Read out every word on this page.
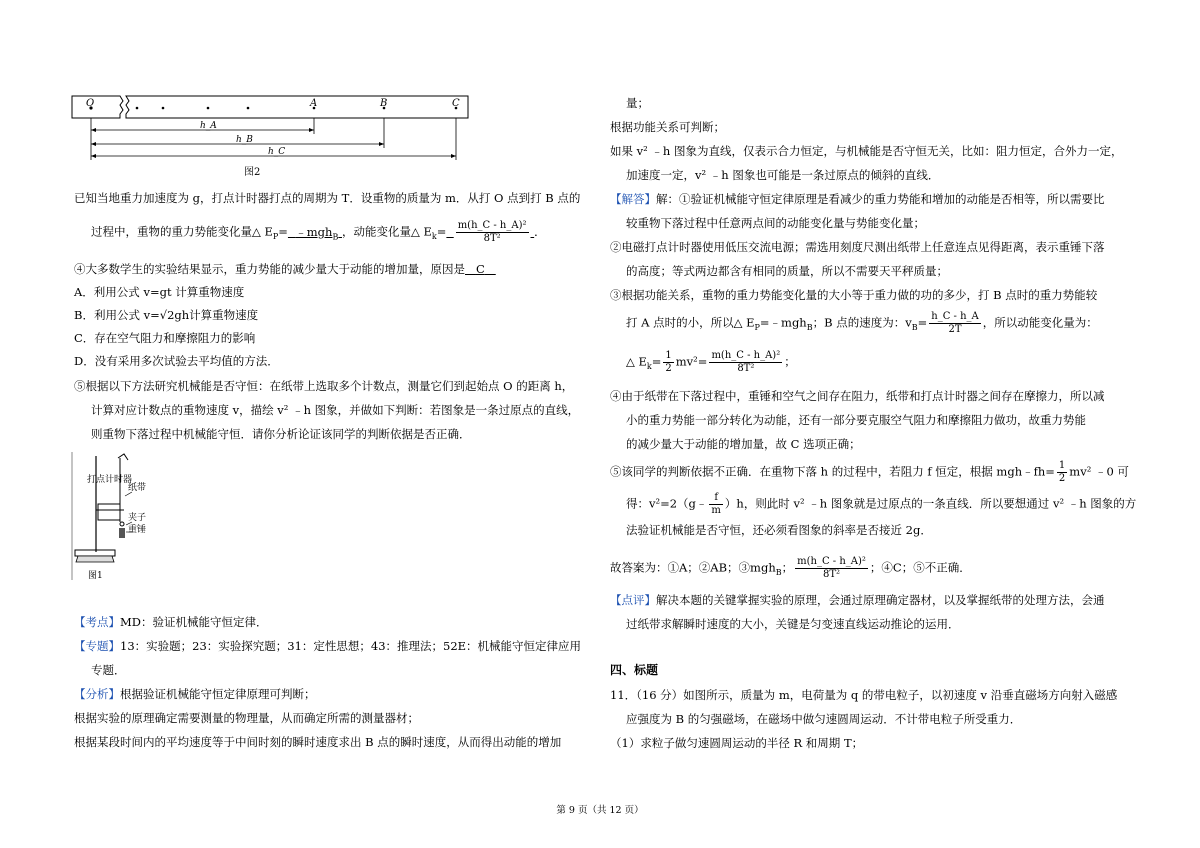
O	A	B	C
h_A
h_B
h_C
图2
已知当地重力加速度为 g，打点计时器打点的周期为 T．设重物的质量为 m．从打 O 点到打 B 点的
过程中，重物的重力势能变化量△ $E_P=$ ﹣mgh$_B$ ，动能变化量△ $E_k= \frac{\text{m(h\_C - h\_A)²}}{\text{8T²}}$ ．
④大多数学生的实验结果显示，重力势能的减少量大于动能的增加量，原因是 C
A．利用公式 v=gt 计算重物速度
B．利用公式 v=√2gh计算重物速度
C．存在空气阻力和摩擦阻力的影响
D．没有采用多次试验去平均值的方法．
⑤根据以下方法研究机械能是否守恒：在纸带上选取多个计数点，测量它们到起始点 O 的距离 h，
计算对应计数点的重物速度 v，描绘 v² ﹣h 图象，并做如下判断：若图象是一条过原点的直线，
则重物下落过程中机械能守恒．请你分析论证该同学的判断依据是否正确．
打点计时器
纸带
夹子
重锤
图1
【考点】MD：验证机械能守恒定律．
【专题】13：实验题；23：实验探究题；31：定性思想；43：推理法；52E：机械能守恒定律应用
专题．
【分析】根据验证机械能守恒定律原理可判断；
根据实验的原理确定需要测量的物理量，从而确定所需的测量器材；
根据某段时间内的平均速度等于中间时刻的瞬时速度求出 B 点的瞬时速度，从而得出动能的增加
量；
根据功能关系可判断；
如果 v² ﹣h 图象为直线，仅表示合力恒定，与机械能是否守恒无关，比如：阻力恒定，合外力一定，
加速度一定，v² ﹣h 图象也可能是一条过原点的倾斜的直线．
【解答】解：①验证机械能守恒定律原理是看减少的重力势能和增加的动能是否相等，所以需要比
较重物下落过程中任意两点间的动能变化量与势能变化量；
②电磁打点计时器使用低压交流电源；需选用刻度尺测出纸带上任意连点见得距离，表示重锤下落
的高度；等式两边都含有相同的质量，所以不需要天平秤质量；
③根据功能关系，重物的重力势能变化量的大小等于重力做的功的多少，打 B 点时的重力势能较
打 A 点时的小，所以△ $E_P=﹣mgh_B$；B 点的速度为：$v_B= \frac{h\_C - h\_A}{2T}$ ，所以动能变化量为：
△ $E_k= \frac{1}{2} mv^2= \frac{\text{m(h\_C - h\_A)²}}{\text{8T²}}$ ；
④由于纸带在下落过程中，重锤和空气之间存在阻力，纸带和打点计时器之间存在摩擦力，所以减
小的重力势能一部分转化为动能，还有一部分要克服空气阻力和摩擦阻力做功，故重力势能
的减少量大于动能的增加量，故 C 选项正确；
⑤该同学的判断依据不正确．在重物下落 h 的过程中，若阻力 f 恒定，根据 mgh﹣fh= $\frac{1}{2} mv^2$ ﹣0 可
得：v²=2（g﹣ $\frac{f}{m} )h$，则此时 v² ﹣h 图象就是过原点的一条直线．所以要想通过 v² ﹣h 图象的方
法验证机械能是否守恒，还必须看图象的斜率是否接近 2g．
故答案为：①A；②AB；③mgh$_B$； $\frac{\text{m(h\_C - h\_A)²}}{\text{8T²}}$ ；④C；⑤不正确．
【点评】解决本题的关键掌握实验的原理，会通过原理确定器材，以及掌握纸带的处理方法，会通
过纸带求解瞬时速度的大小，关键是匀变速直线运动推论的运用．
四、标题
11．（16 分）如图所示，质量为 m，电荷量为 q 的带电粒子，以初速度 v 沿垂直磁场方向射入磁感
应强度为 B 的匀强磁场，在磁场中做匀速圆周运动．不计带电粒子所受重力．
（1）求粒子做匀速圆周运动的半径 R 和周期 T；
第 9 页（共 12 页）
